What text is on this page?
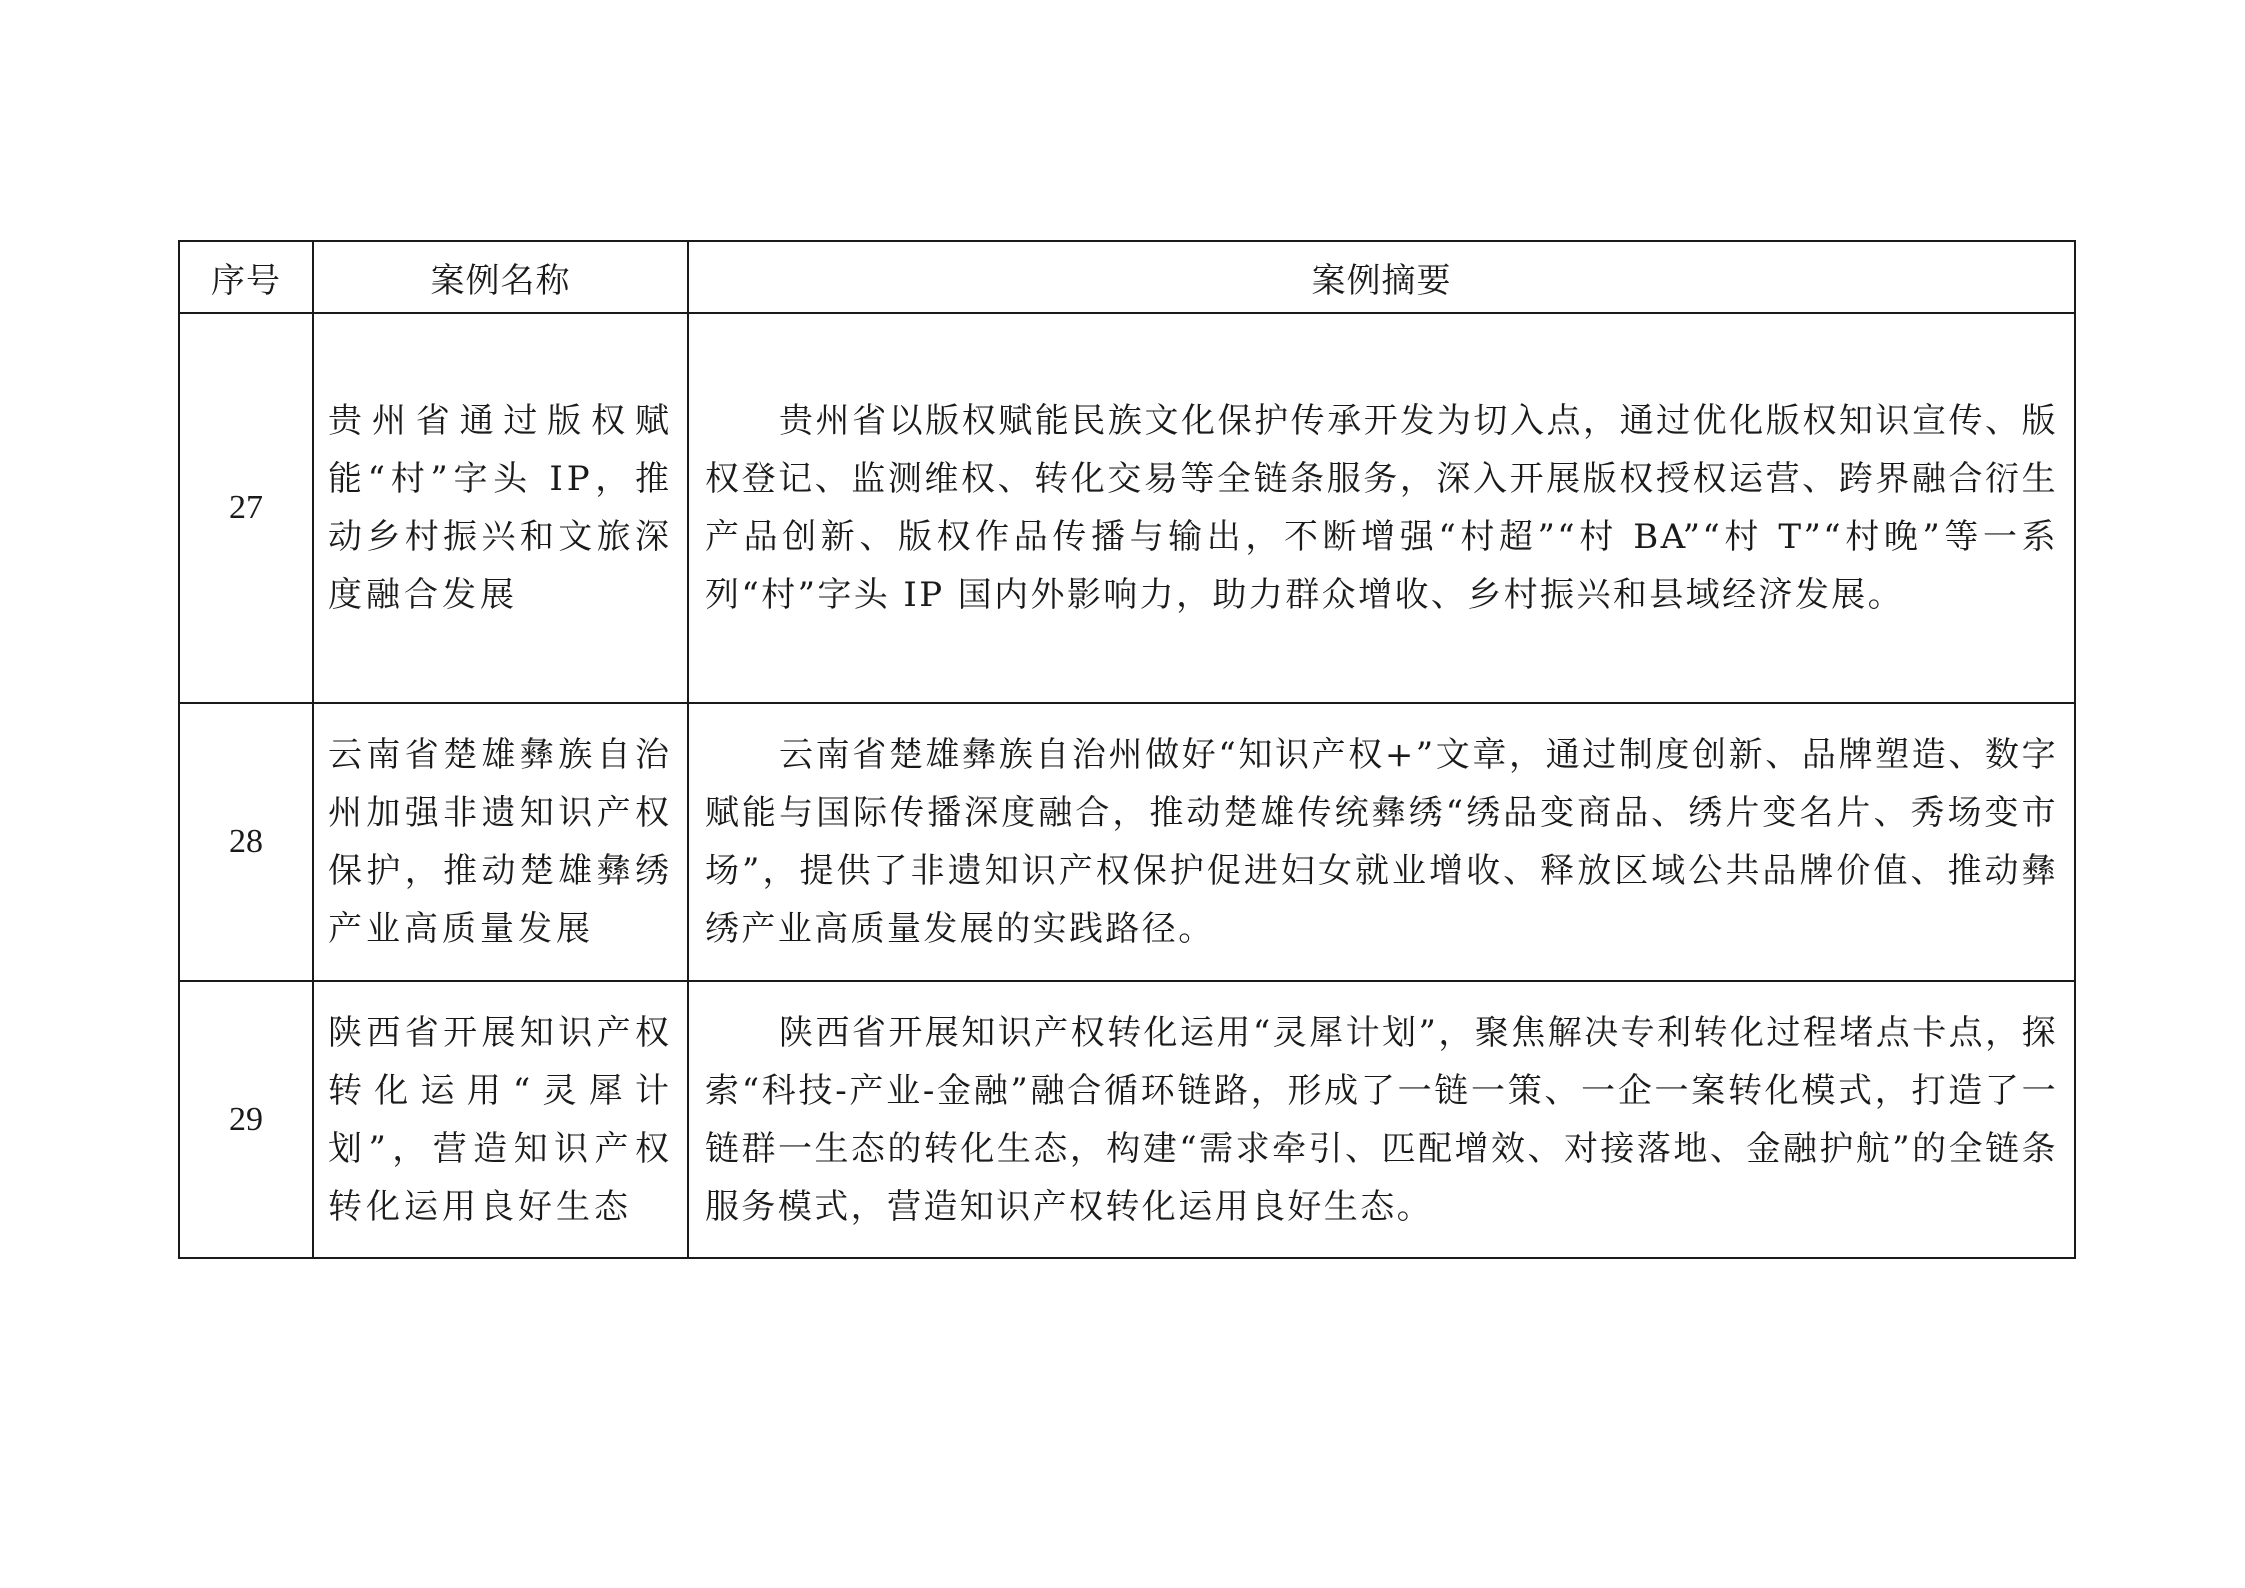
序号	案例名称	案例摘要
27	贵州省通过版权赋能“村”字头 IP，推动乡村振兴和文旅深度融合发展	贵州省以版权赋能民族文化保护传承开发为切入点，通过优化版权知识宣传、版权登记、监测维权、转化交易等全链条服务，深入开展版权授权运营、跨界融合衍生产品创新、版权作品传播与输出，不断增强“村超”“村 BA”“村 T”“村晚”等一系列“村”字头 IP 国内外影响力，助力群众增收、乡村振兴和县域经济发展。
28	云南省楚雄彝族自治州加强非遗知识产权保护，推动楚雄彝绣产业高质量发展	云南省楚雄彝族自治州做好“知识产权+”文章，通过制度创新、品牌塑造、数字赋能与国际传播深度融合，推动楚雄传统彝绣“绣品变商品、绣片变名片、秀场变市场”，提供了非遗知识产权保护促进妇女就业增收、释放区域公共品牌价值、推动彝绣产业高质量发展的实践路径。
29	陕西省开展知识产权转化运用“灵犀计划”，营造知识产权转化运用良好生态	陕西省开展知识产权转化运用“灵犀计划”，聚焦解决专利转化过程堵点卡点，探索“科技-产业-金融”融合循环链路，形成了一链一策、一企一案转化模式，打造了一链群一生态的转化生态，构建“需求牵引、匹配增效、对接落地、金融护航”的全链条服务模式，营造知识产权转化运用良好生态。
